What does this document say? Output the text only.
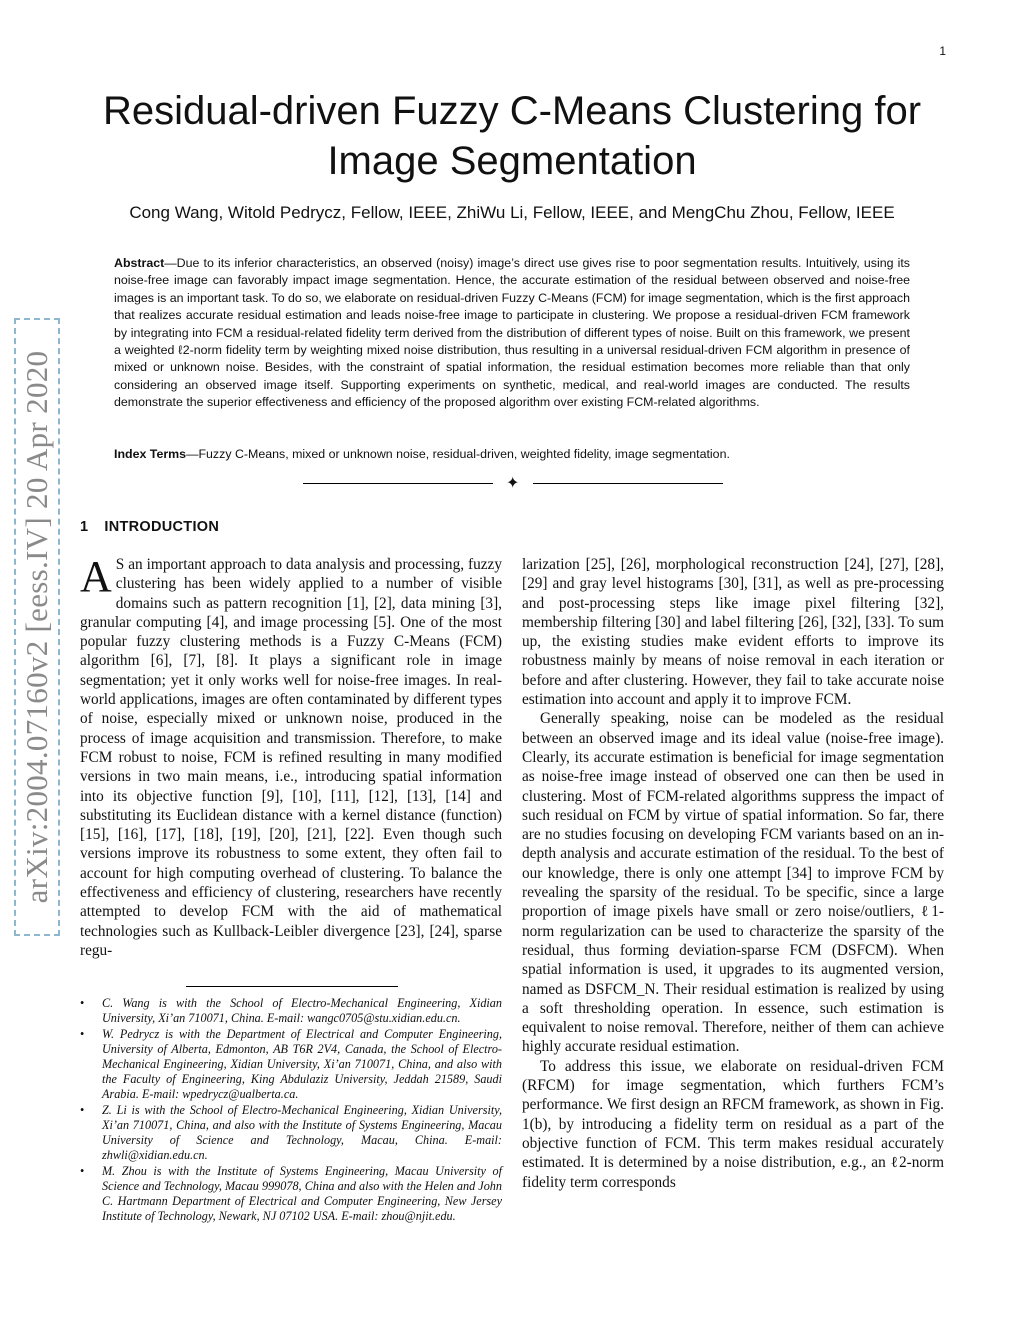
1
arXiv:2004.07160v2 [eess.IV] 20 Apr 2020
Residual-driven Fuzzy C-Means Clustering for Image Segmentation
Cong Wang, Witold Pedrycz, Fellow, IEEE, ZhiWu Li, Fellow, IEEE, and MengChu Zhou, Fellow, IEEE
Abstract—Due to its inferior characteristics, an observed (noisy) image’s direct use gives rise to poor segmentation results. Intuitively, using its noise-free image can favorably impact image segmentation. Hence, the accurate estimation of the residual between observed and noise-free images is an important task. To do so, we elaborate on residual-driven Fuzzy C-Means (FCM) for image segmentation, which is the first approach that realizes accurate residual estimation and leads noise-free image to participate in clustering. We propose a residual-driven FCM framework by integrating into FCM a residual-related fidelity term derived from the distribution of different types of noise. Built on this framework, we present a weighted ℓ2-norm fidelity term by weighting mixed noise distribution, thus resulting in a universal residual-driven FCM algorithm in presence of mixed or unknown noise. Besides, with the constraint of spatial information, the residual estimation becomes more reliable than that only considering an observed image itself. Supporting experiments on synthetic, medical, and real-world images are conducted. The results demonstrate the superior effectiveness and efficiency of the proposed algorithm over existing FCM-related algorithms.
Index Terms—Fuzzy C-Means, mixed or unknown noise, residual-driven, weighted fidelity, image segmentation.
✦
1 INTRODUCTION

A S an important approach to data analysis and processing, fuzzy clustering has been widely applied to a number of visible domains such as pattern recognition [1], [2], data mining [3], granular computing [4], and image processing [5]. One of the most popular fuzzy clustering methods is a Fuzzy C-Means (FCM) algorithm [6], [7], [8]. It plays a significant role in image segmentation; yet it only works well for noise-free images. In real-world applications, images are often contaminated by different types of noise, especially mixed or unknown noise, produced in the process of image acquisition and transmission. Therefore, to make FCM robust to noise, FCM is refined resulting in many modified versions in two main means, i.e., introducing spatial information into its objective function [9], [10], [11], [12], [13], [14] and substituting its Euclidean distance with a kernel distance (function) [15], [16], [17], [18], [19], [20], [21], [22]. Even though such versions improve its robustness to some extent, they often fail to account for high computing overhead of clustering. To balance the effectiveness and efficiency of clustering, researchers have recently attempted to develop FCM with the aid of mathematical technologies such as Kullback-Leibler divergence [23], [24], sparse regu-

• C. Wang is with the School of Electro-Mechanical Engineering, Xidian University, Xi’an 710071, China. E-mail: wangc0705@stu.xidian.edu.cn.
• W. Pedrycz is with the Department of Electrical and Computer Engineering, University of Alberta, Edmonton, AB T6R 2V4, Canada, the School of Electro-Mechanical Engineering, Xidian University, Xi’an 710071, China, and also with the Faculty of Engineering, King Abdulaziz University, Jeddah 21589, Saudi Arabia. E-mail: wpedrycz@ualberta.ca.
• Z. Li is with the School of Electro-Mechanical Engineering, Xidian University, Xi’an 710071, China, and also with the Institute of Systems Engineering, Macau University of Science and Technology, Macau, China. E-mail: zhwli@xidian.edu.cn.
• M. Zhou is with the Institute of Systems Engineering, Macau University of Science and Technology, Macau 999078, China and also with the Helen and John C. Hartmann Department of Electrical and Computer Engineering, New Jersey Institute of Technology, Newark, NJ 07102 USA. E-mail: zhou@njit.edu.

larization [25], [26], morphological reconstruction [24], [27], [28], [29] and gray level histograms [30], [31], as well as pre-processing and post-processing steps like image pixel filtering [32], membership filtering [30] and label filtering [26], [32], [33]. To sum up, the existing studies make evident efforts to improve its robustness mainly by means of noise removal in each iteration or before and after clustering. However, they fail to take accurate noise estimation into account and apply it to improve FCM.

Generally speaking, noise can be modeled as the residual between an observed image and its ideal value (noise-free image). Clearly, its accurate estimation is beneficial for image segmentation as noise-free image instead of observed one can then be used in clustering. Most of FCM-related algorithms suppress the impact of such residual on FCM by virtue of spatial information. So far, there are no studies focusing on developing FCM variants based on an in-depth analysis and accurate estimation of the residual. To the best of our knowledge, there is only one attempt [34] to improve FCM by revealing the sparsity of the residual. To be specific, since a large proportion of image pixels have small or zero noise/outliers, ℓ1-norm regularization can be used to characterize the sparsity of the residual, thus forming deviation-sparse FCM (DSFCM). When spatial information is used, it upgrades to its augmented version, named as DSFCM_N. Their residual estimation is realized by using a soft thresholding operation. In essence, such estimation is equivalent to noise removal. Therefore, neither of them can achieve highly accurate residual estimation.

To address this issue, we elaborate on residual-driven FCM (RFCM) for image segmentation, which furthers FCM’s performance. We first design an RFCM framework, as shown in Fig. 1(b), by introducing a fidelity term on residual as a part of the objective function of FCM. This term makes residual accurately estimated. It is determined by a noise distribution, e.g., an ℓ2-norm fidelity term corresponds
